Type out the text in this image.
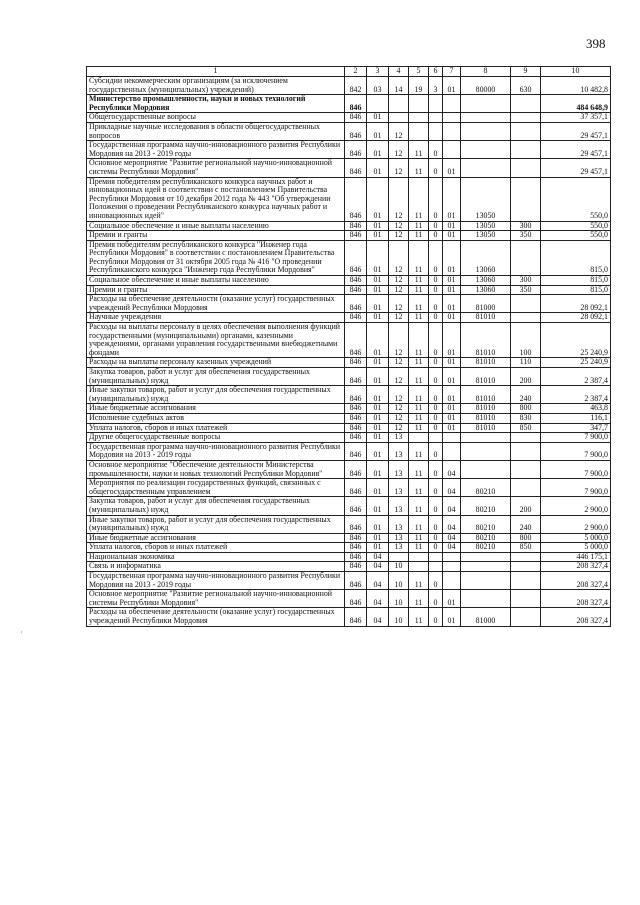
398
·
1	2	3	4	5	6	7	8	9	10
Субсидии некоммерческим организациям (за исключением государственных (муниципальных) учреждений)	842	03	14	19	3	01	80000	630	10 482,8
Министерство промышленности, науки и новых технологий Республики Мордовия	846								484 648,9
Общегосударственные вопросы	846	01							37 357,1
Прикладные научные исследования в области общегосударственных вопросов	846	01	12						29 457,1
Государственная программа научно-инновационного развития Республики Мордовия на 2013 - 2019 годы	846	01	12	11	0				29 457,1
Основное мероприятие "Развитие региональной научно-инновационной системы Республики Мордовия"	846	01	12	11	0	01			29 457,1
Премия победителям республиканского конкурса научных работ и инновационных идей в соответствии с постановлением Правительства Республики Мордовия от 10 декабря 2012 года № 443 "Об утверждении Положения о проведении Республиканского конкурса научных работ и инновационных идей"	846	01	12	11	0	01	13050		550,0
Социальное обеспечение и иные выплаты населению	846	01	12	11	0	01	13050	300	550,0
Премии и гранты	846	01	12	11	0	01	13050	350	550,0
Премия победителям республиканского конкурса "Инженер года Республики Мордовия" в соответствии с постановлением Правительства Республики Мордовия от 31 октября 2005 года № 416 "О проведении Республиканского конкурса "Инженер года Республики Мордовия"	846	01	12	11	0	01	13060		815,0
Социальное обеспечение и иные выплаты населению	846	01	12	11	0	01	13060	300	815,0
Премии и гранты	846	01	12	11	0	01	13060	350	815,0
Расходы на обеспечение деятельности (оказание услуг) государственных учреждений Республики Мордовия	846	01	12	11	0	01	81000		28 092,1
Научные учреждения	846	01	12	11	0	01	81010		28 092,1
Расходы на выплаты персоналу в целях обеспечения выполнения функций государственными (муниципальными) органами, казенными учреждениями, органами управления государственными внебюджетными фондами	846	01	12	11	0	01	81010	100	25 240,9
Расходы на выплаты персоналу казенных учреждений	846	01	12	11	0	01	81010	110	25 240,9
Закупка товаров, работ и услуг для обеспечения государственных (муниципальных) нужд	846	01	12	11	0	01	81010	200	2 387,4
Иные закупки товаров, работ и услуг для обеспечения государственных (муниципальных) нужд	846	01	12	11	0	01	81010	240	2 387,4
Иные бюджетные ассигнования	846	01	12	11	0	01	81010	800	463,8
Исполнение судебных актов	846	01	12	11	0	01	81010	830	116,1
Уплата налогов, сборов и иных платежей	846	01	12	11	0	01	81010	850	347,7
Другие общегосударственные вопросы	846	01	13						7 900,0
Государственная программа научно-инновационного развития Республики Мордовия на 2013 - 2019 годы	846	01	13	11	0				7 900,0
Основное мероприятие "Обеспечение деятельности Министерства промышленности, науки и новых технологий Республики Мордовия"	846	01	13	11	0	04			7 900,0
Мероприятия по реализации государственных функций, связанных с общегосударственным управлением	846	01	13	11	0	04	80210		7 900,0
Закупка товаров, работ и услуг для обеспечения государственных (муниципальных) нужд	846	01	13	11	0	04	80210	200	2 900,0
Иные закупки товаров, работ и услуг для обеспечения государственных (муниципальных) нужд	846	01	13	11	0	04	80210	240	2 900,0
Иные бюджетные ассигнования	846	01	13	11	0	04	80210	800	5 000,0
Уплата налогов, сборов и иных платежей	846	01	13	11	0	04	80210	850	5 000,0
Национальная экономика	846	04							446 175,1
Связь и информатика	846	04	10						208 327,4
Государственная программа научно-инновационного развития Республики Мордовия на 2013 - 2019 годы	846	04	10	11	0				208 327,4
Основное мероприятие "Развитие региональной научно-инновационной системы Республики Мордовия"	846	04	10	11	0	01			208 327,4
Расходы на обеспечение деятельности (оказание услуг) государственных учреждений Республики Мордовия	846	04	10	11	0	01	81000		208 327,4
